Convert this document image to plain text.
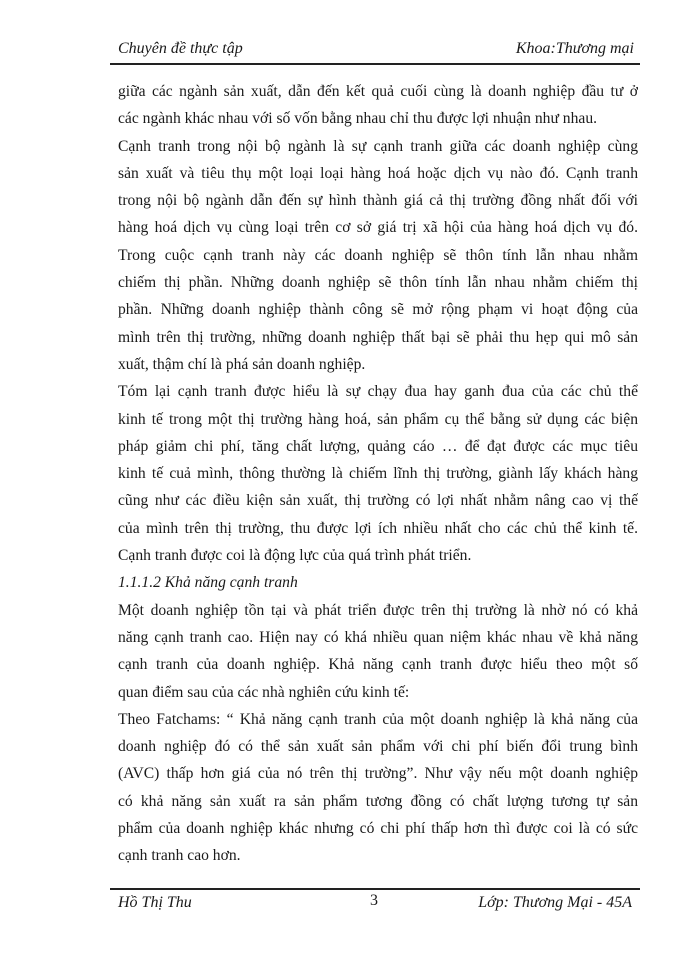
Chuyên đề thực tập	Khoa:Thương mại
giữa các ngành sản xuất, dẫn đến kết quả cuối cùng là doanh nghiệp đầu tư ở
các ngành khác nhau với số vốn bằng nhau chỉ thu được lợi nhuận như nhau.
Cạnh tranh trong nội bộ ngành là sự cạnh tranh giữa các doanh nghiệp cùng
sản xuất và tiêu thụ một loại loại hàng hoá hoặc dịch vụ nào đó. Cạnh tranh
trong nội bộ ngành dẫn đến sự hình thành giá cả thị trường đồng nhất đối với
hàng hoá dịch vụ cùng loại trên cơ sở giá trị xã hội của hàng hoá dịch vụ đó.
Trong cuộc cạnh tranh này các doanh nghiệp sẽ thôn tính lẫn nhau nhằm
chiếm thị phần. Những doanh nghiệp sẽ thôn tính lẫn nhau nhằm chiếm thị
phần. Những doanh nghiệp thành công sẽ mở rộng phạm vi hoạt động của
mình trên thị trường, những doanh nghiệp thất bại sẽ phải thu hẹp qui mô sản
xuất, thậm chí là phá sản doanh nghiệp.
Tóm lại cạnh tranh được hiểu là sự chạy đua hay ganh đua của các chủ thể
kinh tế trong một thị trường hàng hoá, sản phẩm cụ thể bằng sử dụng các biện
pháp giảm chi phí, tăng chất lượng, quảng cáo … để đạt được các mục tiêu
kinh tế cuả mình, thông thường là chiếm lĩnh thị trường, giành lấy khách hàng
cũng như các điều kiện sản xuất, thị trường có lợi nhất nhằm nâng cao vị thế
của mình trên thị trường, thu được lợi ích nhiều nhất cho các chủ thể kinh tế.
Cạnh tranh được coi là động lực của quá trình phát triển.
1.1.1.2 Khả năng cạnh tranh
Một doanh nghiệp tồn tại và phát triển được trên thị trường là nhờ nó có khả
năng cạnh tranh cao. Hiện nay có khá nhiều quan niệm khác nhau về khả năng
cạnh tranh của doanh nghiệp. Khả năng cạnh tranh được hiểu theo một số
quan điểm sau của các nhà nghiên cứu kinh tế:
Theo Fatchams: “ Khả năng cạnh tranh của một doanh nghiệp là khả năng của
doanh nghiệp đó có thể sản xuất sản phẩm với chi phí biến đổi trung bình
(AVC) thấp hơn giá của nó trên thị trường”. Như vậy nếu một doanh nghiệp
có khả năng sản xuất ra sản phẩm tương đồng có chất lượng tương tự sản
phẩm của doanh nghiệp khác nhưng có chi phí thấp hơn thì được coi là có sức
cạnh tranh cao hơn.
Hồ Thị Thu	3	Lớp: Thương Mại - 45A
